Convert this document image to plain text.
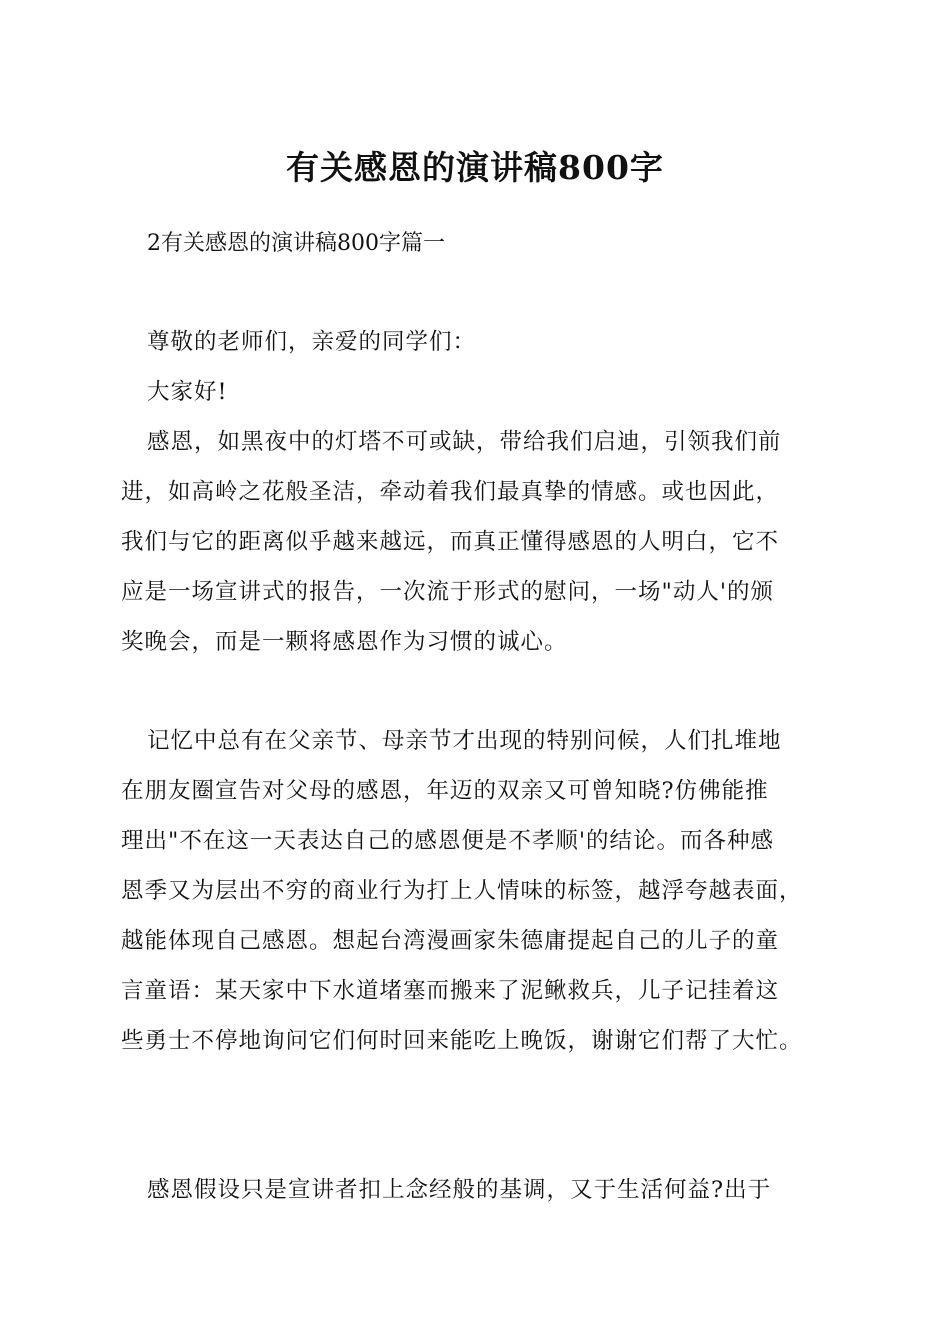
有关感恩的演讲稿800字
2有关感恩的演讲稿800字篇一
尊敬的老师们，亲爱的同学们：
大家好!
感恩，如黑夜中的灯塔不可或缺，带给我们启迪，引领我们前
进，如高岭之花般圣洁，牵动着我们最真挚的情感。或也因此，
我们与它的距离似乎越来越远，而真正懂得感恩的人明白，它不
应是一场宣讲式的报告，一次流于形式的慰问，一场"动人'的颁
奖晚会，而是一颗将感恩作为习惯的诚心。
记忆中总有在父亲节、母亲节才出现的特别问候，人们扎堆地
在朋友圈宣告对父母的感恩，年迈的双亲又可曾知晓?仿佛能推
理出"不在这一天表达自己的感恩便是不孝顺'的结论。而各种感
恩季又为层出不穷的商业行为打上人情味的标签，越浮夸越表面，
越能体现自己感恩。想起台湾漫画家朱德庸提起自己的儿子的童
言童语：某天家中下水道堵塞而搬来了泥鳅救兵，儿子记挂着这
些勇士不停地询问它们何时回来能吃上晚饭，谢谢它们帮了大忙。
感恩假设只是宣讲者扣上念经般的基调，又于生活何益?出于
